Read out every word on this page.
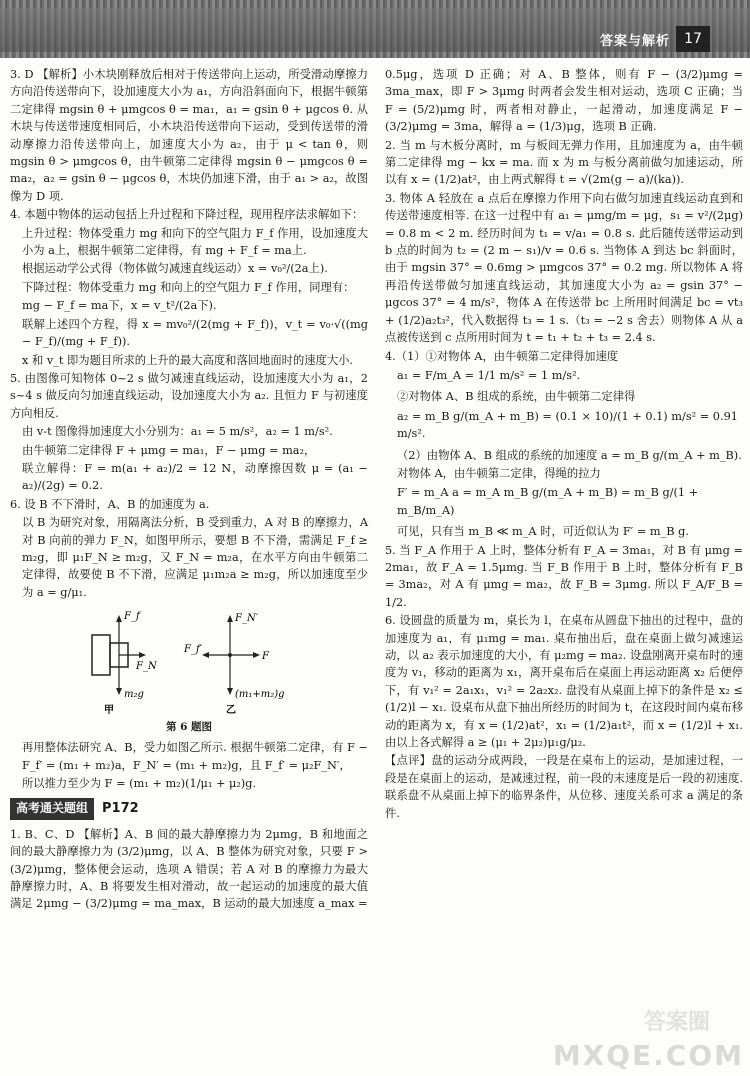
答案与解析	17
3. D 【解析】小木块刚释放后相对于传送带向上运动，所受滑动摩擦力方向沿传送带向下，设加速度大小为 a₁，方向沿斜面向下，根据牛顿第二定律得 mgsin θ + μmgcos θ = ma₁，a₁ = gsin θ + μgcos θ. 从木块与传送带速度相同后，小木块沿传送带向下运动，受到传送带的滑动摩擦力沿传送带向上，加速度大小为 a₂，由于 μ < tan θ，则 mgsin θ > μmgcos θ，由牛顿第二定律得 mgsin θ − μmgcos θ = ma₂，a₂ = gsin θ − μgcos θ，木块仍加速下滑，由于 a₁ > a₂，故图像为 D 项.
4. 本题中物体的运动包括上升过程和下降过程，现用程序法求解如下：
上升过程：物体受重力 mg 和向下的空气阻力 F_f 作用，设加速度大小为 a上，根据牛顿第二定律得，有 mg + F_f = ma上.
根据运动学公式得（物体做匀减速直线运动）x = v₀²/(2a上).
下降过程：物体受重力 mg 和向上的空气阻力 F_f 作用，同理有：
mg − F_f = ma下，x = v_t²/(2a下).
联解上述四个方程，得 x = mv₀²/(2(mg + F_f))，v_t = v₀·√((mg − F_f)/(mg + F_f)).
x 和 v_t 即为题目所求的上升的最大高度和落回地面时的速度大小.
5. 由图像可知物体 0~2 s 做匀减速直线运动，设加速度大小为 a₁，2 s~4 s 做反向匀加速直线运动，设加速度大小为 a₂. 且恒力 F 与初速度方向相反.
由 v-t 图像得加速度大小分别为：a₁ = 5 m/s²，a₂ = 1 m/s².
由牛顿第二定律得 F + μmg = ma₁，F − μmg = ma₂，
联立解得：F = m(a₁ + a₂)/2 = 12 N，动摩擦因数 μ = (a₁ − a₂)/(2g) = 0.2.
6. 设 B 不下滑时，A、B 的加速度为 a.
以 B 为研究对象，用隔离法分析，B 受到重力，A 对 B 的摩擦力，A 对 B 向前的弹力 F_N，如图甲所示，要想 B 不下滑，需满足 F_f ≥ m₂g，即 μ₁F_N ≥ m₂g，又 F_N = m₂a，在水平方向由牛顿第二定律得，故要使 B 不下滑，应满足 μ₁m₂a ≥ m₂g，所以加速度至少为 a = g/μ₁.
F_f
F_N
m₂g
甲
F_N′
F_f′
F
(m₁+m₂)g
乙
第 6 题图
再用整体法研究 A、B，受力如图乙所示. 根据牛顿第二定律，有 F − F_f′ = (m₁ + m₂)a，F_N′ = (m₁ + m₂)g，且 F_f′ = μ₂F_N′，
所以推力至少为 F = (m₁ + m₂)(1/μ₁ + μ₂)g.
高考通关题组	P172
1. B、C、D 【解析】A、B 间的最大静摩擦力为 2μmg，B 和地面之间的最大静摩擦力为 (3/2)μmg，以 A、B 整体为研究对象，只要 F > (3/2)μmg，整体便会运动，选项 A 错误；若 A 对 B 的摩擦力为最大静摩擦力时，A、B 将要发生相对滑动，故一起运动的加速度的最大值满足 2μmg − (3/2)μmg = ma_max，B 运动的最大加速度 a_max =
0.5μg，选项 D 正确；对 A、B 整体，则有 F − (3/2)μmg = 3ma_max，即 F > 3μmg 时两者会发生相对运动，选项 C 正确；当 F = (5/2)μmg 时，两者相对静止，一起滑动，加速度满足 F − (3/2)μmg = 3ma，解得 a = (1/3)μg，选项 B 正确.
2. 当 m 与木板分离时，m 与板间无弹力作用，且加速度为 a，由牛顿第二定律得 mg − kx = ma. 而 x 为 m 与板分离前做匀加速运动，所以有 x = (1/2)at²，由上两式解得 t = √(2m(g − a)/(ka)).
3. 物体 A 轻放在 a 点后在摩擦力作用下向右做匀加速直线运动直到和传送带速度相等. 在这一过程中有 a₁ = μmg/m = μg，s₁ = v²/(2μg) = 0.8 m < 2 m. 经历时间为 t₁ = v/a₁ = 0.8 s. 此后随传送带运动到 b 点的时间为 t₂ = (2 m − s₁)/v = 0.6 s. 当物体 A 到达 bc 斜面时，由于 mgsin 37° = 0.6mg > μmgcos 37° = 0.2 mg. 所以物体 A 将再沿传送带做匀加速直线运动，其加速度大小为 a₂ = gsin 37° − μgcos 37° = 4 m/s²，物体 A 在传送带 bc 上所用时间满足 bc = vt₃ + (1/2)a₂t₃²，代入数据得 t₃ = 1 s.（t₃ = −2 s 舍去）则物体 A 从 a 点被传送到 c 点所用时间为 t = t₁ + t₂ + t₃ = 2.4 s.
4.（1）①对物体 A，由牛顿第二定律得加速度
a₁ = F/m_A = 1/1 m/s² = 1 m/s².
②对物体 A、B 组成的系统，由牛顿第二定律得
a₂ = m_B g/(m_A + m_B) = (0.1 × 10)/(1 + 0.1) m/s² = 0.91 m/s².
（2）由物体 A、B 组成的系统的加速度 a = m_B g/(m_A + m_B).
对物体 A，由牛顿第二定律，得绳的拉力
F′ = m_A a = m_A m_B g/(m_A + m_B) = m_B g/(1 + m_B/m_A)
可见，只有当 m_B ≪ m_A 时，可近似认为 F′ = m_B g.
5. 当 F_A 作用于 A 上时，整体分析有 F_A = 3ma₁，对 B 有 μmg = 2ma₁，故 F_A = 1.5μmg. 当 F_B 作用于 B 上时，整体分析有 F_B = 3ma₂，对 A 有 μmg = ma₂，故 F_B = 3μmg. 所以 F_A/F_B = 1/2.
6. 设圆盘的质量为 m，桌长为 l，在桌布从圆盘下抽出的过程中，盘的加速度为 a₁，有 μ₁mg = ma₁. 桌布抽出后，盘在桌面上做匀减速运动，以 a₂ 表示加速度的大小，有 μ₂mg = ma₂. 设盘刚离开桌布时的速度为 v₁，移动的距离为 x₁，离开桌布后在桌面上再运动距离 x₂ 后便停下，有 v₁² = 2a₁x₁，v₁² = 2a₂x₂. 盘没有从桌面上掉下的条件是 x₂ ≤ (1/2)l − x₁. 设桌布从盘下抽出所经历的时间为 t，在这段时间内桌布移动的距离为 x，有 x = (1/2)at²，x₁ = (1/2)a₁t²，而 x = (1/2)l + x₁. 由以上各式解得 a ≥ (μ₁ + 2μ₂)μ₁g/μ₂.
【点评】盘的运动分成两段，一段是在桌布上的运动，是加速过程，一段是在桌面上的运动，是减速过程，前一段的末速度是后一段的初速度. 联系盘不从桌面上掉下的临界条件，从位移、速度关系可求 a 满足的条件.
答案圈
MXQE.COM
